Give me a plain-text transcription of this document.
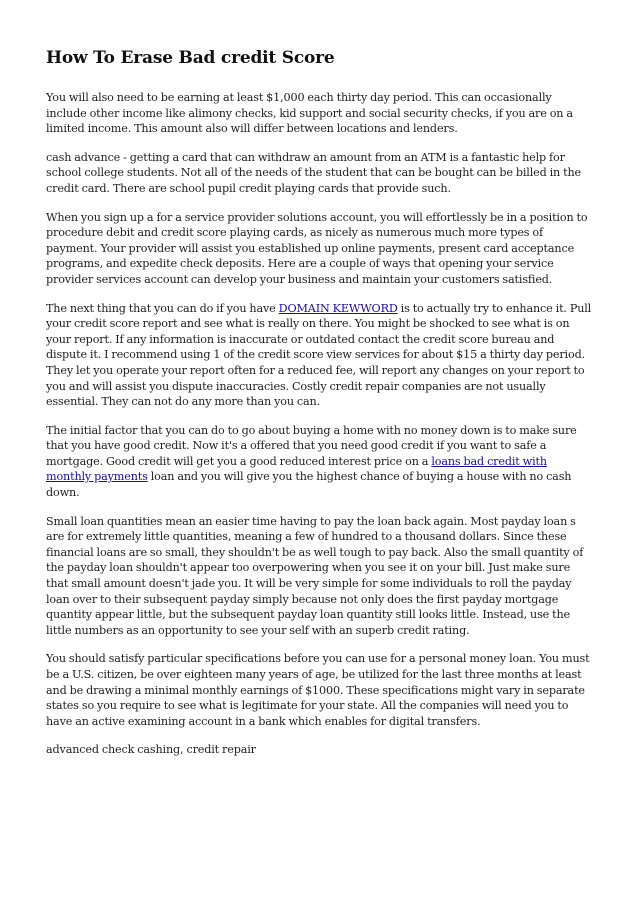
How To Erase Bad credit Score

You will also need to be earning at least $1,000 each thirty day period. This can occasionally include other income like alimony checks, kid support and social security checks, if you are on a limited income. This amount also will differ between locations and lenders.

cash advance - getting a card that can withdraw an amount from an ATM is a fantastic help for school college students. Not all of the needs of the student that can be bought can be billed in the credit card. There are school pupil credit playing cards that provide such.

When you sign up a for a service provider solutions account, you will effortlessly be in a position to procedure debit and credit score playing cards, as nicely as numerous much more types of payment. Your provider will assist you established up online payments, present card acceptance programs, and expedite check deposits. Here are a couple of ways that opening your service provider services account can develop your business and maintain your customers satisfied.

The next thing that you can do if you have DOMAIN KEWWORD is to actually try to enhance it. Pull your credit score report and see what is really on there. You might be shocked to see what is on your report. If any information is inaccurate or outdated contact the credit score bureau and dispute it. I recommend using 1 of the credit score view services for about $15 a thirty day period. They let you operate your report often for a reduced fee, will report any changes on your report to you and will assist you dispute inaccuracies. Costly credit repair companies are not usually essential. They can not do any more than you can.

The initial factor that you can do to go about buying a home with no money down is to make sure that you have good credit. Now it's a offered that you need good credit if you want to safe a mortgage. Good credit will get you a good reduced interest price on a loans bad credit with monthly payments loan and you will give you the highest chance of buying a house with no cash down.

Small loan quantities mean an easier time having to pay the loan back again. Most payday loan s are for extremely little quantities, meaning a few of hundred to a thousand dollars. Since these financial loans are so small, they shouldn't be as well tough to pay back. Also the small quantity of the payday loan shouldn't appear too overpowering when you see it on your bill. Just make sure that small amount doesn't jade you. It will be very simple for some individuals to roll the payday loan over to their subsequent payday simply because not only does the first payday mortgage quantity appear little, but the subsequent payday loan quantity still looks little. Instead, use the little numbers as an opportunity to see your self with an superb credit rating.

You should satisfy particular specifications before you can use for a personal money loan. You must be a U.S. citizen, be over eighteen many years of age, be utilized for the last three months at least and be drawing a minimal monthly earnings of $1000. These specifications might vary in separate states so you require to see what is legitimate for your state. All the companies will need you to have an active examining account in a bank which enables for digital transfers.

advanced check cashing, credit repair
